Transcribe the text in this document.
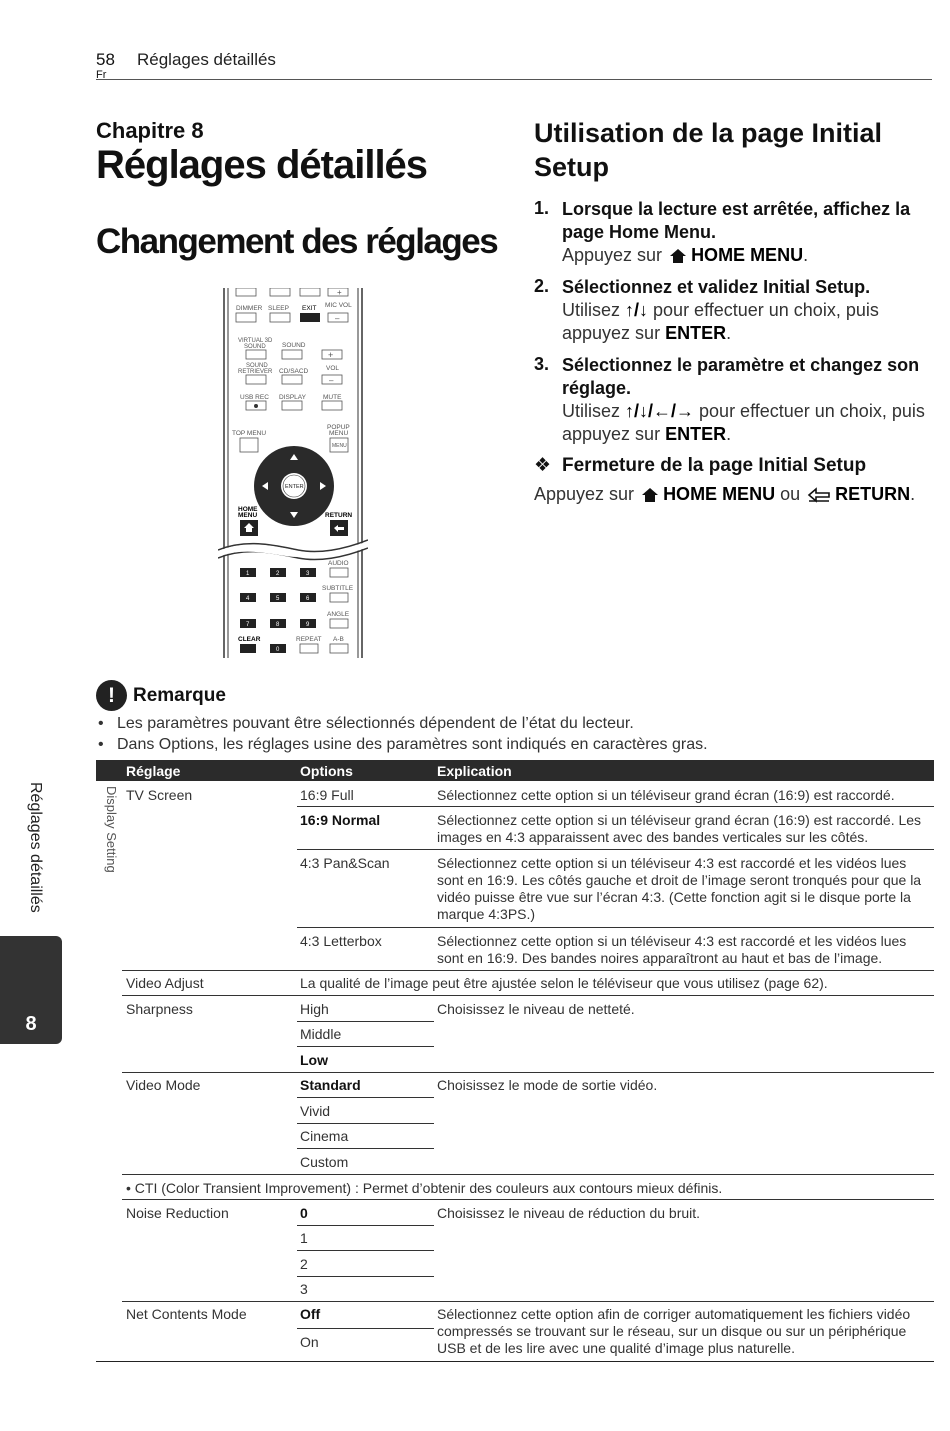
58
Fr
Réglages détaillés
Chapitre 8
Réglages détaillés
Changement des réglages
+
DIMMER SLEEP EXIT MIC VOL
–
VIRTUAL 3D
SOUND	SOUND
+
SOUND
RETRIEVER CD/SACD	VOL
–
USB REC DISPLAY	MUTE
TOP MENU
POPUP
MENU
MENU
ENTER
HOME
MENU	RETURN
AUDIO
1	2	3
SUBTITLE
4	5	6
ANGLE
7	8	9
CLEAR	REPEAT A-B
0
Utilisation de la page Initial Setup
1. Lorsque la lecture est arrêtée, affichez la page Home Menu.
Appuyez sur HOME MENU.
2. Sélectionnez et validez Initial Setup.
Utilisez ↑/↓ pour effectuer un choix, puis appuyez sur ENTER.
3. Sélectionnez le paramètre et changez son réglage.
Utilisez ↑/↓/←/→ pour effectuer un choix, puis appuyez sur ENTER.
❖ Fermeture de la page Initial Setup
Appuyez sur HOME MENU ou RETURN.
! Remarque
• Les paramètres pouvant être sélectionnés dépendent de l’état du lecteur.
• Dans Options, les réglages usine des paramètres sont indiqués en caractères gras.
Réglages détaillés
8
Réglage	Options	Explication
Display Setting TV Screen	16:9 Full	Sélectionnez cette option si un téléviseur grand écran (16:9) est raccordé.
16:9 Normal	Sélectionnez cette option si un téléviseur grand écran (16:9) est raccordé. Les images en 4:3 apparaissent avec des bandes verticales sur les côtés.
4:3 Pan&Scan	Sélectionnez cette option si un téléviseur 4:3 est raccordé et les vidéos lues sont en 16:9. Les côtés gauche et droit de l’image seront tronqués pour que la vidéo puisse être vue sur l’écran 4:3. (Cette fonction agit si le disque porte la marque 4:3PS.)
4:3 Letterbox	Sélectionnez cette option si un téléviseur 4:3 est raccordé et les vidéos lues sont en 16:9. Des bandes noires apparaîtront au haut et bas de l’image.
Video Adjust	La qualité de l’image peut être ajustée selon le téléviseur que vous utilisez (page 62).
Sharpness	High	Choisissez le niveau de netteté.
Middle
Low
Video Mode	Standard	Choisissez le mode de sortie vidéo.
Vivid
Cinema
Custom
• CTI (Color Transient Improvement) : Permet d’obtenir des couleurs aux contours mieux définis.
Noise Reduction	0	Choisissez le niveau de réduction du bruit.
1
2
3
Net Contents Mode	Off	Sélectionnez cette option afin de corriger automatiquement les fichiers vidéo compressés se trouvant sur le réseau, sur un disque ou sur un périphérique USB et de les lire avec une qualité d’image plus naturelle.
On
